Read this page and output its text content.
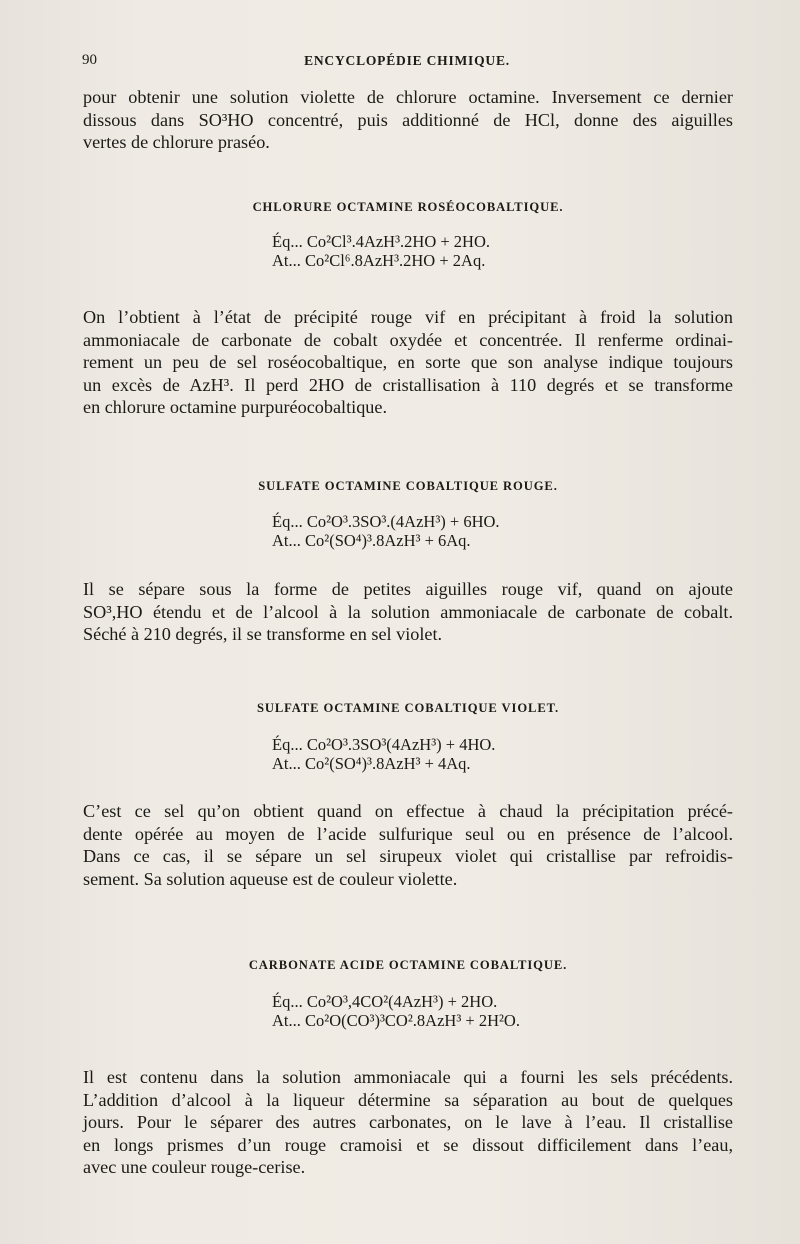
90	ENCYCLOPÉDIE CHIMIQUE.

pour obtenir une solution violette de chlorure octamine. Inversement ce dernier
dissous dans SO³HO concentré, puis additionné de HCl, donne des aiguilles
vertes de chlorure praséo.

CHLORURE OCTAMINE ROSÉOCOBALTIQUE.
Éq... Co²Cl³.4AzH³.2HO + 2HO.
At... Co²Cl⁶.8AzH³.2HO + 2Aq.

On l’obtient à l’état de précipité rouge vif en précipitant à froid la solution
ammoniacale de carbonate de cobalt oxydée et concentrée. Il renferme ordinai-
rement un peu de sel roséocobaltique, en sorte que son analyse indique toujours
un excès de AzH³. Il perd 2HO de cristallisation à 110 degrés et se transforme
en chlorure octamine purpuréocobaltique.

SULFATE OCTAMINE COBALTIQUE ROUGE.
Éq... Co²O³.3SO³.(4AzH³) + 6HO.
At... Co²(SO⁴)³.8AzH³ + 6Aq.

Il se sépare sous la forme de petites aiguilles rouge vif, quand on ajoute
SO³,HO étendu et de l’alcool à la solution ammoniacale de carbonate de cobalt.
Séché à 210 degrés, il se transforme en sel violet.

SULFATE OCTAMINE COBALTIQUE VIOLET.
Éq... Co²O³.3SO³(4AzH³) + 4HO.
At... Co²(SO⁴)³.8AzH³ + 4Aq.

C’est ce sel qu’on obtient quand on effectue à chaud la précipitation précé-
dente opérée au moyen de l’acide sulfurique seul ou en présence de l’alcool.
Dans ce cas, il se sépare un sel sirupeux violet qui cristallise par refroidis-
sement. Sa solution aqueuse est de couleur violette.

CARBONATE ACIDE OCTAMINE COBALTIQUE.
Éq... Co²O³,4CO²(4AzH³) + 2HO.
At... Co²O(CO³)³CO².8AzH³ + 2H²O.

Il est contenu dans la solution ammoniacale qui a fourni les sels précédents.
L’addition d’alcool à la liqueur détermine sa séparation au bout de quelques
jours. Pour le séparer des autres carbonates, on le lave à l’eau. Il cristallise
en longs prismes d’un rouge cramoisi et se dissout difficilement dans l’eau,
avec une couleur rouge-cerise.
